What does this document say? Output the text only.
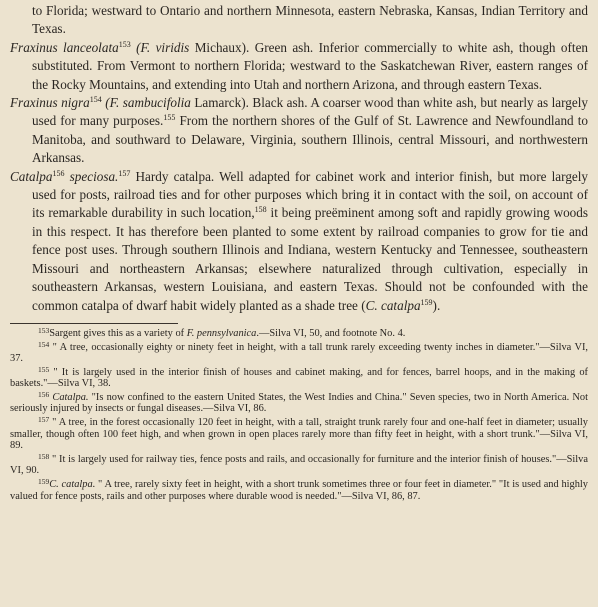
to Florida; westward to Ontario and northern Minnesota, eastern Nebraska, Kansas, Indian Territory and Texas.

Fraxinus lanceolata$^{153}$ (F. viridis Michaux). Green ash. Inferior commercially to white ash, though often substituted. From Vermont to northern Florida; westward to the Saskatchewan River, eastern ranges of the Rocky Mountains, and extending into Utah and northern Arizona, and through eastern Texas.

Fraxinus nigra$^{154}$ (F. sambucifolia Lamarck). Black ash. A coarser wood than white ash, but nearly as largely used for many purposes.$^{155}$ From the northern shores of the Gulf of St. Lawrence and Newfoundland to Manitoba, and southward to Delaware, Virginia, southern Illinois, central Missouri, and northwestern Arkansas.

Catalpa$^{156}$ speciosa.$^{157}$ Hardy catalpa. Well adapted for cabinet work and interior finish, but more largely used for posts, railroad ties and for other purposes which bring it in contact with the soil, on account of its remarkable durability in such location,$^{158}$ it being preëminent among soft and rapidly growing woods in this respect. It has therefore been planted to some extent by railroad companies to grow for tie and fence post uses. Through southern Illinois and Indiana, western Kentucky and Tennessee, southeastern Missouri and northeastern Arkansas; elsewhere naturalized through cultivation, especially in southeastern Arkansas, western Louisiana, and eastern Texas. Should not be confounded with the common catalpa of dwarf habit widely planted as a shade tree (C. catalpa$^{159}$).

$^{153}$Sargent gives this as a variety of F. pennsylvanica.—Silva VI, 50, and footnote No. 4.

$^{154}$ " A tree, occasionally eighty or ninety feet in height, with a tall trunk rarely exceeding twenty inches in diameter."—Silva VI, 37.

$^{155}$ " It is largely used in the interior finish of houses and cabinet making, and for fences, barrel hoops, and in the making of baskets."—Silva VI, 38.

$^{156}$ Catalpa. "Is now confined to the eastern United States, the West Indies and China." Seven species, two in North America. Not seriously injured by insects or fungal diseases.—Silva VI, 86.

$^{157}$ " A tree, in the forest occasionally 120 feet in height, with a tall, straight trunk rarely four and one-half feet in diameter; usually smaller, though often 100 feet high, and when grown in open places rarely more than fifty feet in height, with a short trunk."—Silva VI, 89.

$^{158}$ " It is largely used for railway ties, fence posts and rails, and occasionally for furniture and the interior finish of houses."—Silva VI, 90.

$^{159}$C. catalpa. " A tree, rarely sixty feet in height, with a short trunk sometimes three or four feet in diameter." "It is used and highly valued for fence posts, rails and other purposes where durable wood is needed."—Silva VI, 86, 87.
